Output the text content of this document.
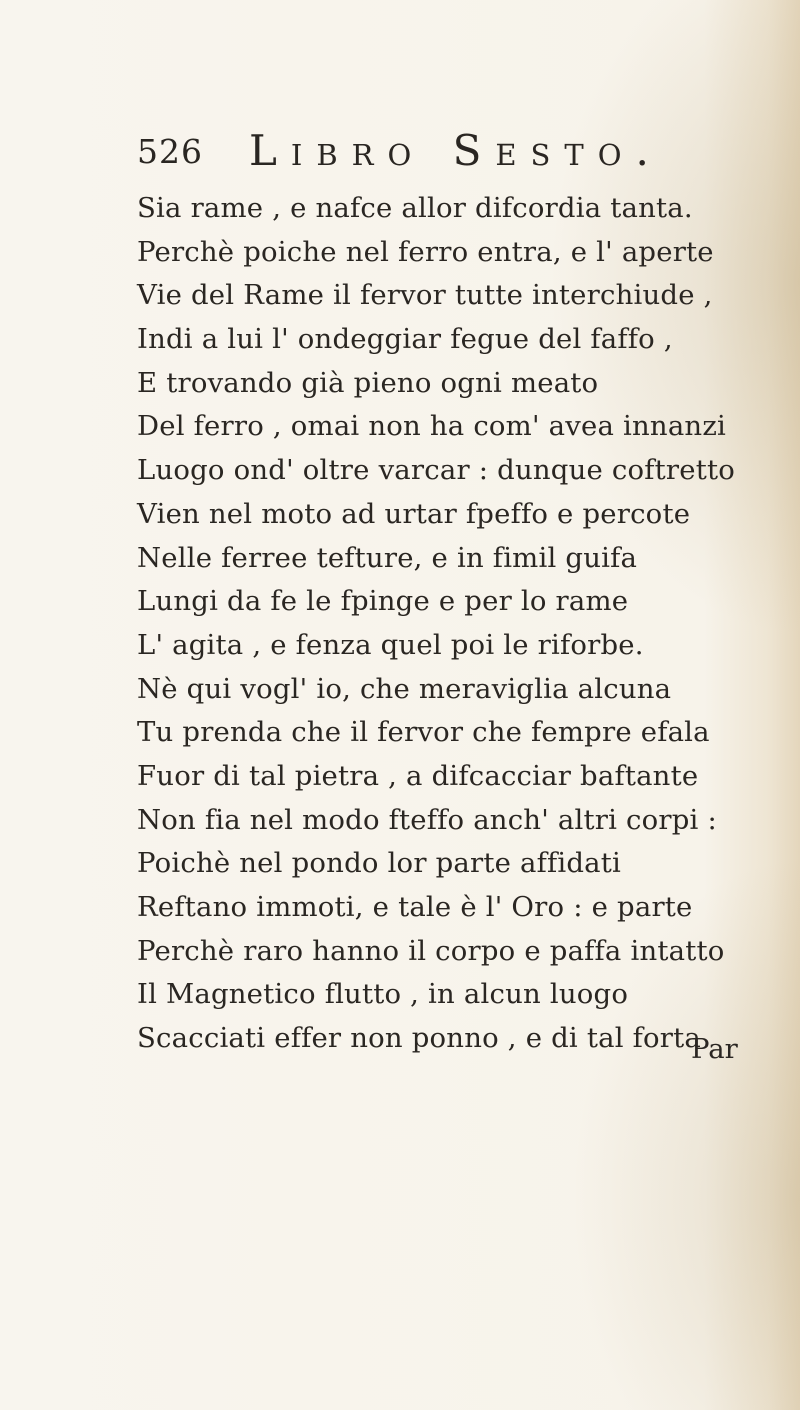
526 Libro Sesto.
Sia rame , e nafce allor difcordia tanta.
Perchè poiche nel ferro entra, e l' aperte
Vie del Rame il fervor tutte interchiude ,
Indi a lui l' ondeggiar fegue del faffo ,
E trovando già pieno ogni meato
Del ferro , omai non ha com' avea innanzi
Luogo ond' oltre varcar : dunque coftretto
Vien nel moto ad urtar fpeffo e percote
Nelle ferree tefture, e in fimil guifa
Lungi da fe le fpinge e per lo rame
L' agita , e fenza quel poi le riforbe.
Nè qui vogl' io, che meraviglia alcuna
Tu prenda che il fervor che fempre efala
Fuor di tal pietra , a difcacciar baftante
Non fia nel modo fteffo anch' altri corpi :
Poichè nel pondo lor parte affidati
Reftano immoti, e tale è l' Oro : e parte
Perchè raro hanno il corpo e paffa intatto
Il Magnetico flutto , in alcun luogo
Scacciati effer non ponno , e di tal forta
Par
